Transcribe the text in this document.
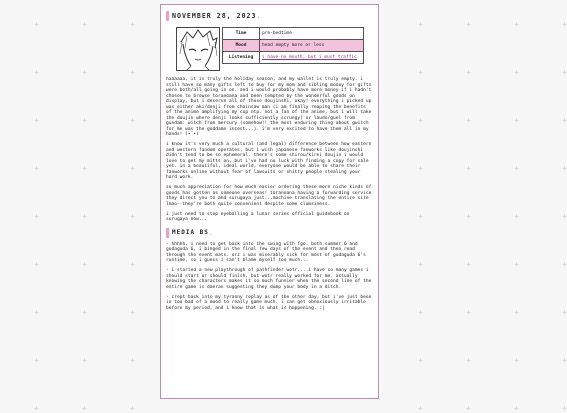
+	+	+	+	+	+	+
+	+	+	+	+	+	+
+	+	+	+	+	+	+
+	+	+	+	+	+	+
+	+	+	+	+	+	+
+	+	+	+	+	+	+
+	+	+	+	+	+	+
+	+	+	+	+	+	+
+	+	+	+	+	+	+
NOVEMBER 28, 2023 .
Time	pre-bedtime
Mood	head empty more or less
Listening	i have no mouth, but i must traffic

haaaaaa, it is truly the holiday season, and my wallet is truly empty. i still have so many gifts left to buy for my mom and sibling money for gifts were both/all going in on. and i would probably have more money if i hadn't chosen to browse toranoana and been tempted by the wonderful goods on display, but i deserve all of those doujinshi, okay! everything i picked up was either aki/denji from chainsaw man (i am finally reaping the benefits of the anime amplifying my cup ntp. not a fan of the anime, but i will take the doujin where denji looks sufficiently scrungy) or laudo/guel from gundam: witch from mercury (somehow!! the most enduring thing about gwitch for me was the goddamn incest...). i'm very excited to have them all in my hands! (•ˇ•)

i know it's very much a cultural (and legal) difference between how eastern and western fandom operates, but i wish japanese fanworks like doujinshi didn't tend to be so ephemeral. there's some shirou/kirei doujin i would love to get my mitts on, but i've had no luck with finding a copy for sale yet. in a beautiful, ideal world, everyone would be able to share their fanworks online without fear of lawsuits or shitty people stealing your hard work.

so much appreciation for how much easier ordering these more niche kinds of goods has gotten as someone overseas! toranoana having a forwarding service they direct you to and surugaya just...machine translating the entire site lmao--they're both quite convenient despite some clumsiness.

i just need to stop eyeballing a lunar series official guidebook on surugaya now...

MEDIA BS .

• hhhhh, i need to get back into the swing with fgo. both summer 6 and gudaguda 6, i binged in the final few days of the event and then read through the event mats. orz i was miserably sick for most of gudaguda 6's runtime, so i guess i can't blame myself too much...

• i started a new playthrough of pathfinder wotr....i have so many games i should start or should finish, but wotr really worked for me. actually knowing the characters makes it so much funnier when the second line of the entire game is daeran suggesting they dump your body in a ditch.

• crept back into my tyranny replay as of the other day, but i've just been in too bad of a mood to really game much. i can get obnoxiously irritable before my period, and i know that is what is happening. :|
